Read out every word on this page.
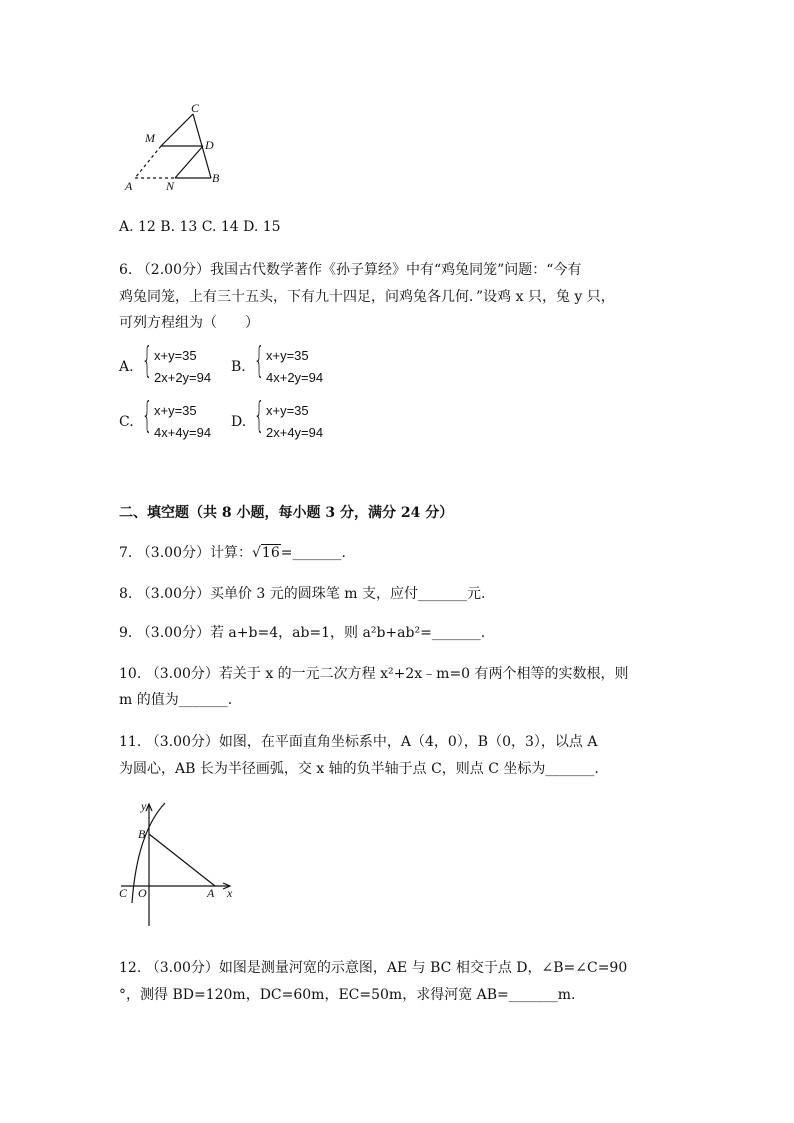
C
M	D
A	N
B
A. 12 B. 13 C. 14 D. 15
6. （2.00分）我国古代数学著作《孙子算经》中有“鸡兔同笼”问题：“今有
鸡兔同笼，上有三十五头，下有九十四足，问鸡兔各几何．”设鸡 x 只，兔 y 只，
可列方程组为（　　）
A. { x+y=35
2x+2y=94
B. { x+y=35
4x+2y=94
C. { x+y=35
4x+4y=94
D. { x+y=35
2x+4y=94
二、填空题（共 8 小题，每小题 3 分，满分 24 分）
7. （3.00分）计算：√16=_______.
8. （3.00分）买单价 3 元的圆珠笔 m 支，应付_______元.
9. （3.00分）若 a+b=4，ab=1，则 a²b+ab²=_______.
10. （3.00分）若关于 x 的一元二次方程 x²+2x﹣m=0 有两个相等的实数根，则
m 的值为_______.
11. （3.00分）如图，在平面直角坐标系中，A（4，0），B（0，3），以点 A
为圆心，AB 长为半径画弧，交 x 轴的负半轴于点 C，则点 C 坐标为_______.
y
B
C O	A x
12. （3.00分）如图是测量河宽的示意图，AE 与 BC 相交于点 D，∠B=∠C=90
°，测得 BD=120m，DC=60m，EC=50m，求得河宽 AB=_______m.
